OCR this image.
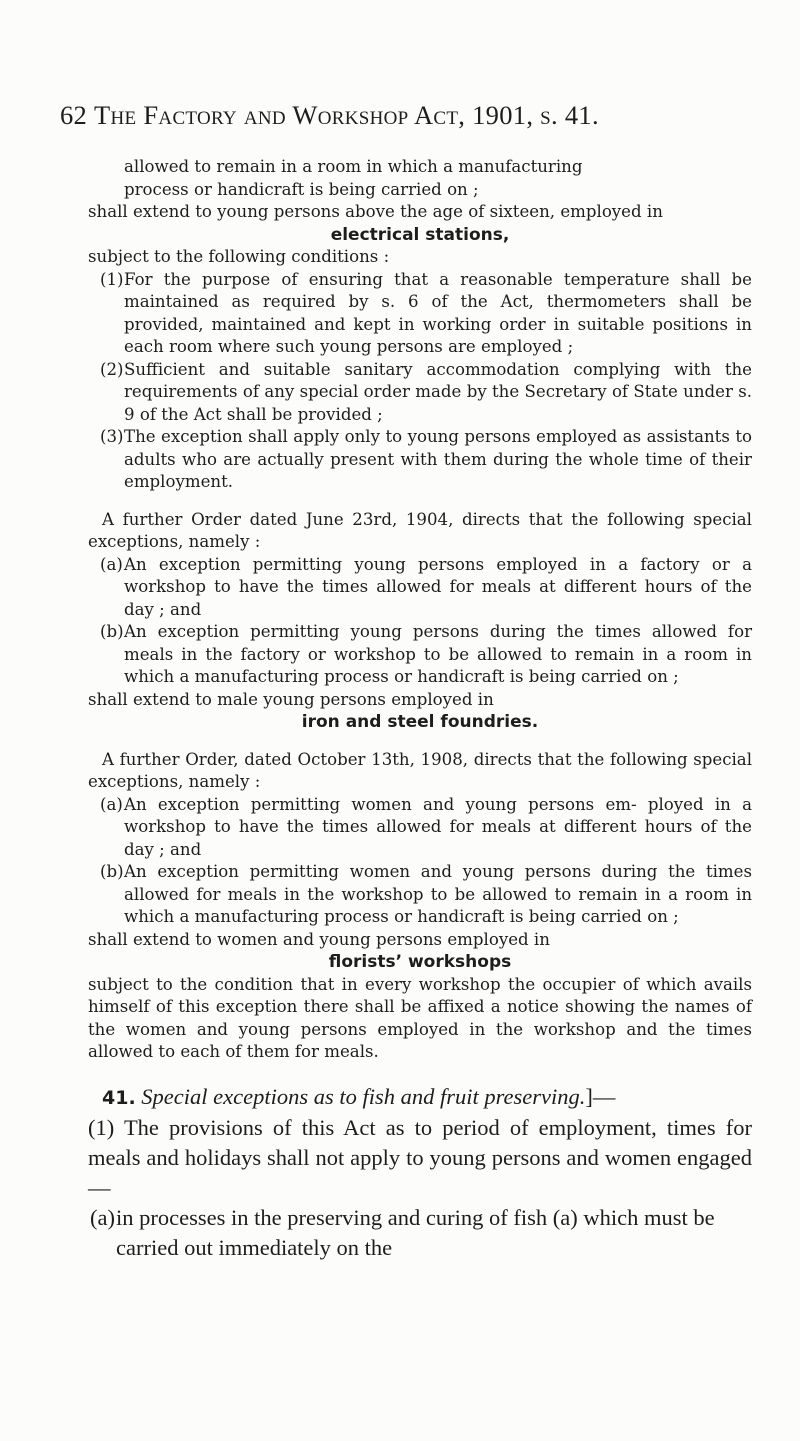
62 The Factory and Workshop Act, 1901, s. 41.

allowed to remain in a room in which a manufacturing

process or handicraft is being carried on ;

shall extend to young persons above the age of sixteen, employed in

electrical stations,

subject to the following conditions :

(1) For the purpose of ensuring that a reasonable temperature shall be maintained as required by s. 6 of the Act, thermometers shall be provided, maintained and kept in working order in suitable positions in each room where such young persons are employed ;
(2) Sufficient and suitable sanitary accommodation complying with the requirements of any special order made by the Secretary of State under s. 9 of the Act shall be provided ;
(3) The exception shall apply only to young persons employed as assistants to adults who are actually present with them during the whole time of their employment.

A further Order dated June 23rd, 1904, directs that the following special exceptions, namely :

(a) An exception permitting young persons employed in a factory or a workshop to have the times allowed for meals at different hours of the day ; and
(b) An exception permitting young persons during the times allowed for meals in the factory or workshop to be allowed to remain in a room in which a manufacturing process or handicraft is being carried on ;

shall extend to male young persons employed in

iron and steel foundries.

A further Order, dated October 13th, 1908, directs that the following special exceptions, namely :

(a) An exception permitting women and young persons em- ployed in a workshop to have the times allowed for meals at different hours of the day ; and
(b) An exception permitting women and young persons during the times allowed for meals in the workshop to be allowed to remain in a room in which a manufacturing process or handicraft is being carried on ;

shall extend to women and young persons employed in

florists’ workshops

subject to the condition that in every workshop the occupier of which avails himself of this exception there shall be affixed a notice showing the names of the women and young persons employed in the workshop and the times allowed to each of them for meals.

41. Special exceptions as to fish and fruit preserving.]—

(1) The provisions of this Act as to period of employment, times for meals and holidays shall not apply to young persons and women engaged—

(a) in processes in the preserving and curing of fish (a) which must be carried out immediately on the
